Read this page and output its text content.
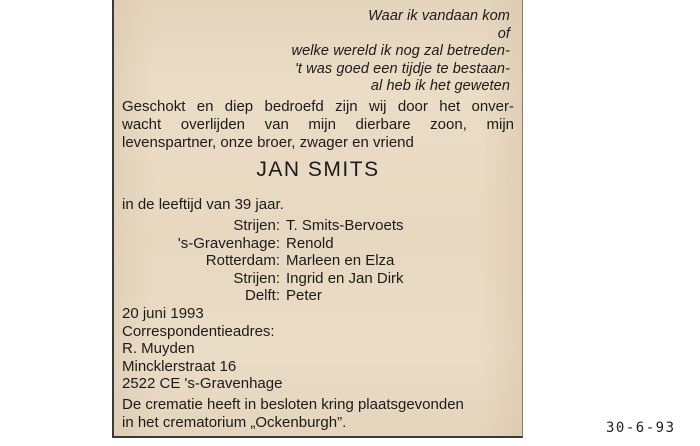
Waar ik vandaan kom
of
welke wereld ik nog zal betreden-
't was goed een tijdje te bestaan-
al heb ik het geweten
Geschokt en diep bedroefd zijn wij door het onver-
wacht overlijden van mijn dierbare zoon, mijn
levenspartner, onze broer, zwager en vriend
JAN SMITS
in de leeftijd van 39 jaar.
Strijen: T. Smits-Bervoets
's-Gravenhage: Renold
Rotterdam: Marleen en Elza
Strijen: Ingrid en Jan Dirk
Delft: Peter
20 juni 1993
Correspondentieadres:
R. Muyden
Mincklerstraat 16
2522 CE 's-Gravenhage
De crematie heeft in besloten kring plaatsgevonden
in het crematorium „Ockenburgh”.	30-6-93
